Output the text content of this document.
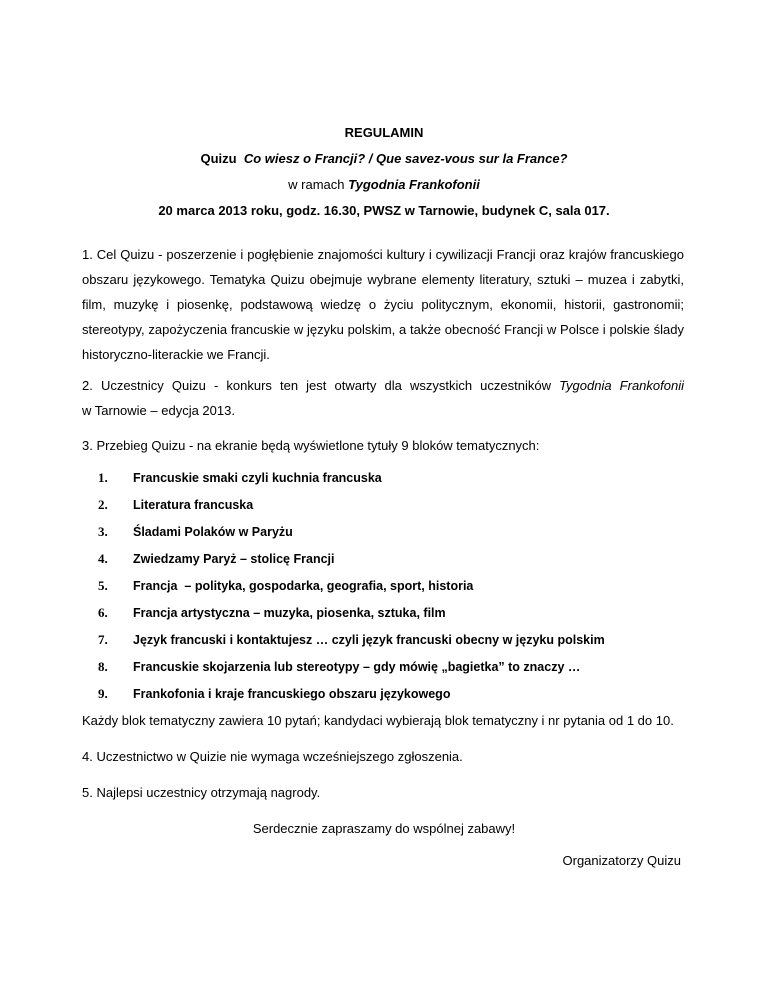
REGULAMIN
Quizu  Co wiesz o Francji? / Que savez-vous sur la France?
w ramach Tygodnia Frankofonii
20 marca 2013 roku, godz. 16.30, PWSZ w Tarnowie, budynek C, sala 017.

1. Cel Quizu - poszerzenie i pogłębienie znajomości kultury i cywilizacji Francji oraz krajów francuskiego obszaru językowego. Tematyka Quizu obejmuje wybrane elementy literatury, sztuki – muzea i zabytki, film, muzykę i piosenkę, podstawową wiedzę o życiu politycznym, ekonomii, historii, gastronomii; stereotypy, zapożyczenia francuskie w języku polskim, a także obecność Francji w Polsce i polskie ślady historyczno-literackie we Francji.

2. Uczestnicy Quizu - konkurs ten jest otwarty dla wszystkich uczestników Tygodnia Frankofonii
w Tarnowie – edycja 2013.

3. Przebieg Quizu - na ekranie będą wyświetlone tytuły 9 bloków tematycznych:

1. Francuskie smaki czyli kuchnia francuska
2. Literatura francuska
3. Śladami Polaków w Paryżu
4. Zwiedzamy Paryż – stolicę Francji
5. Francja  – polityka, gospodarka, geografia, sport, historia
6. Francja artystyczna – muzyka, piosenka, sztuka, film
7. Język francuski i kontaktujesz … czyli język francuski obecny w języku polskim
8. Francuskie skojarzenia lub stereotypy – gdy mówię „bagietka” to znaczy …
9. Frankofonia i kraje francuskiego obszaru językowego

Każdy blok tematyczny zawiera 10 pytań; kandydaci wybierają blok tematyczny i nr pytania od 1 do 10.

4. Uczestnictwo w Quizie nie wymaga wcześniejszego zgłoszenia.

5. Najlepsi uczestnicy otrzymają nagrody.

Serdecznie zapraszamy do wspólnej zabawy!
Organizatorzy Quizu
